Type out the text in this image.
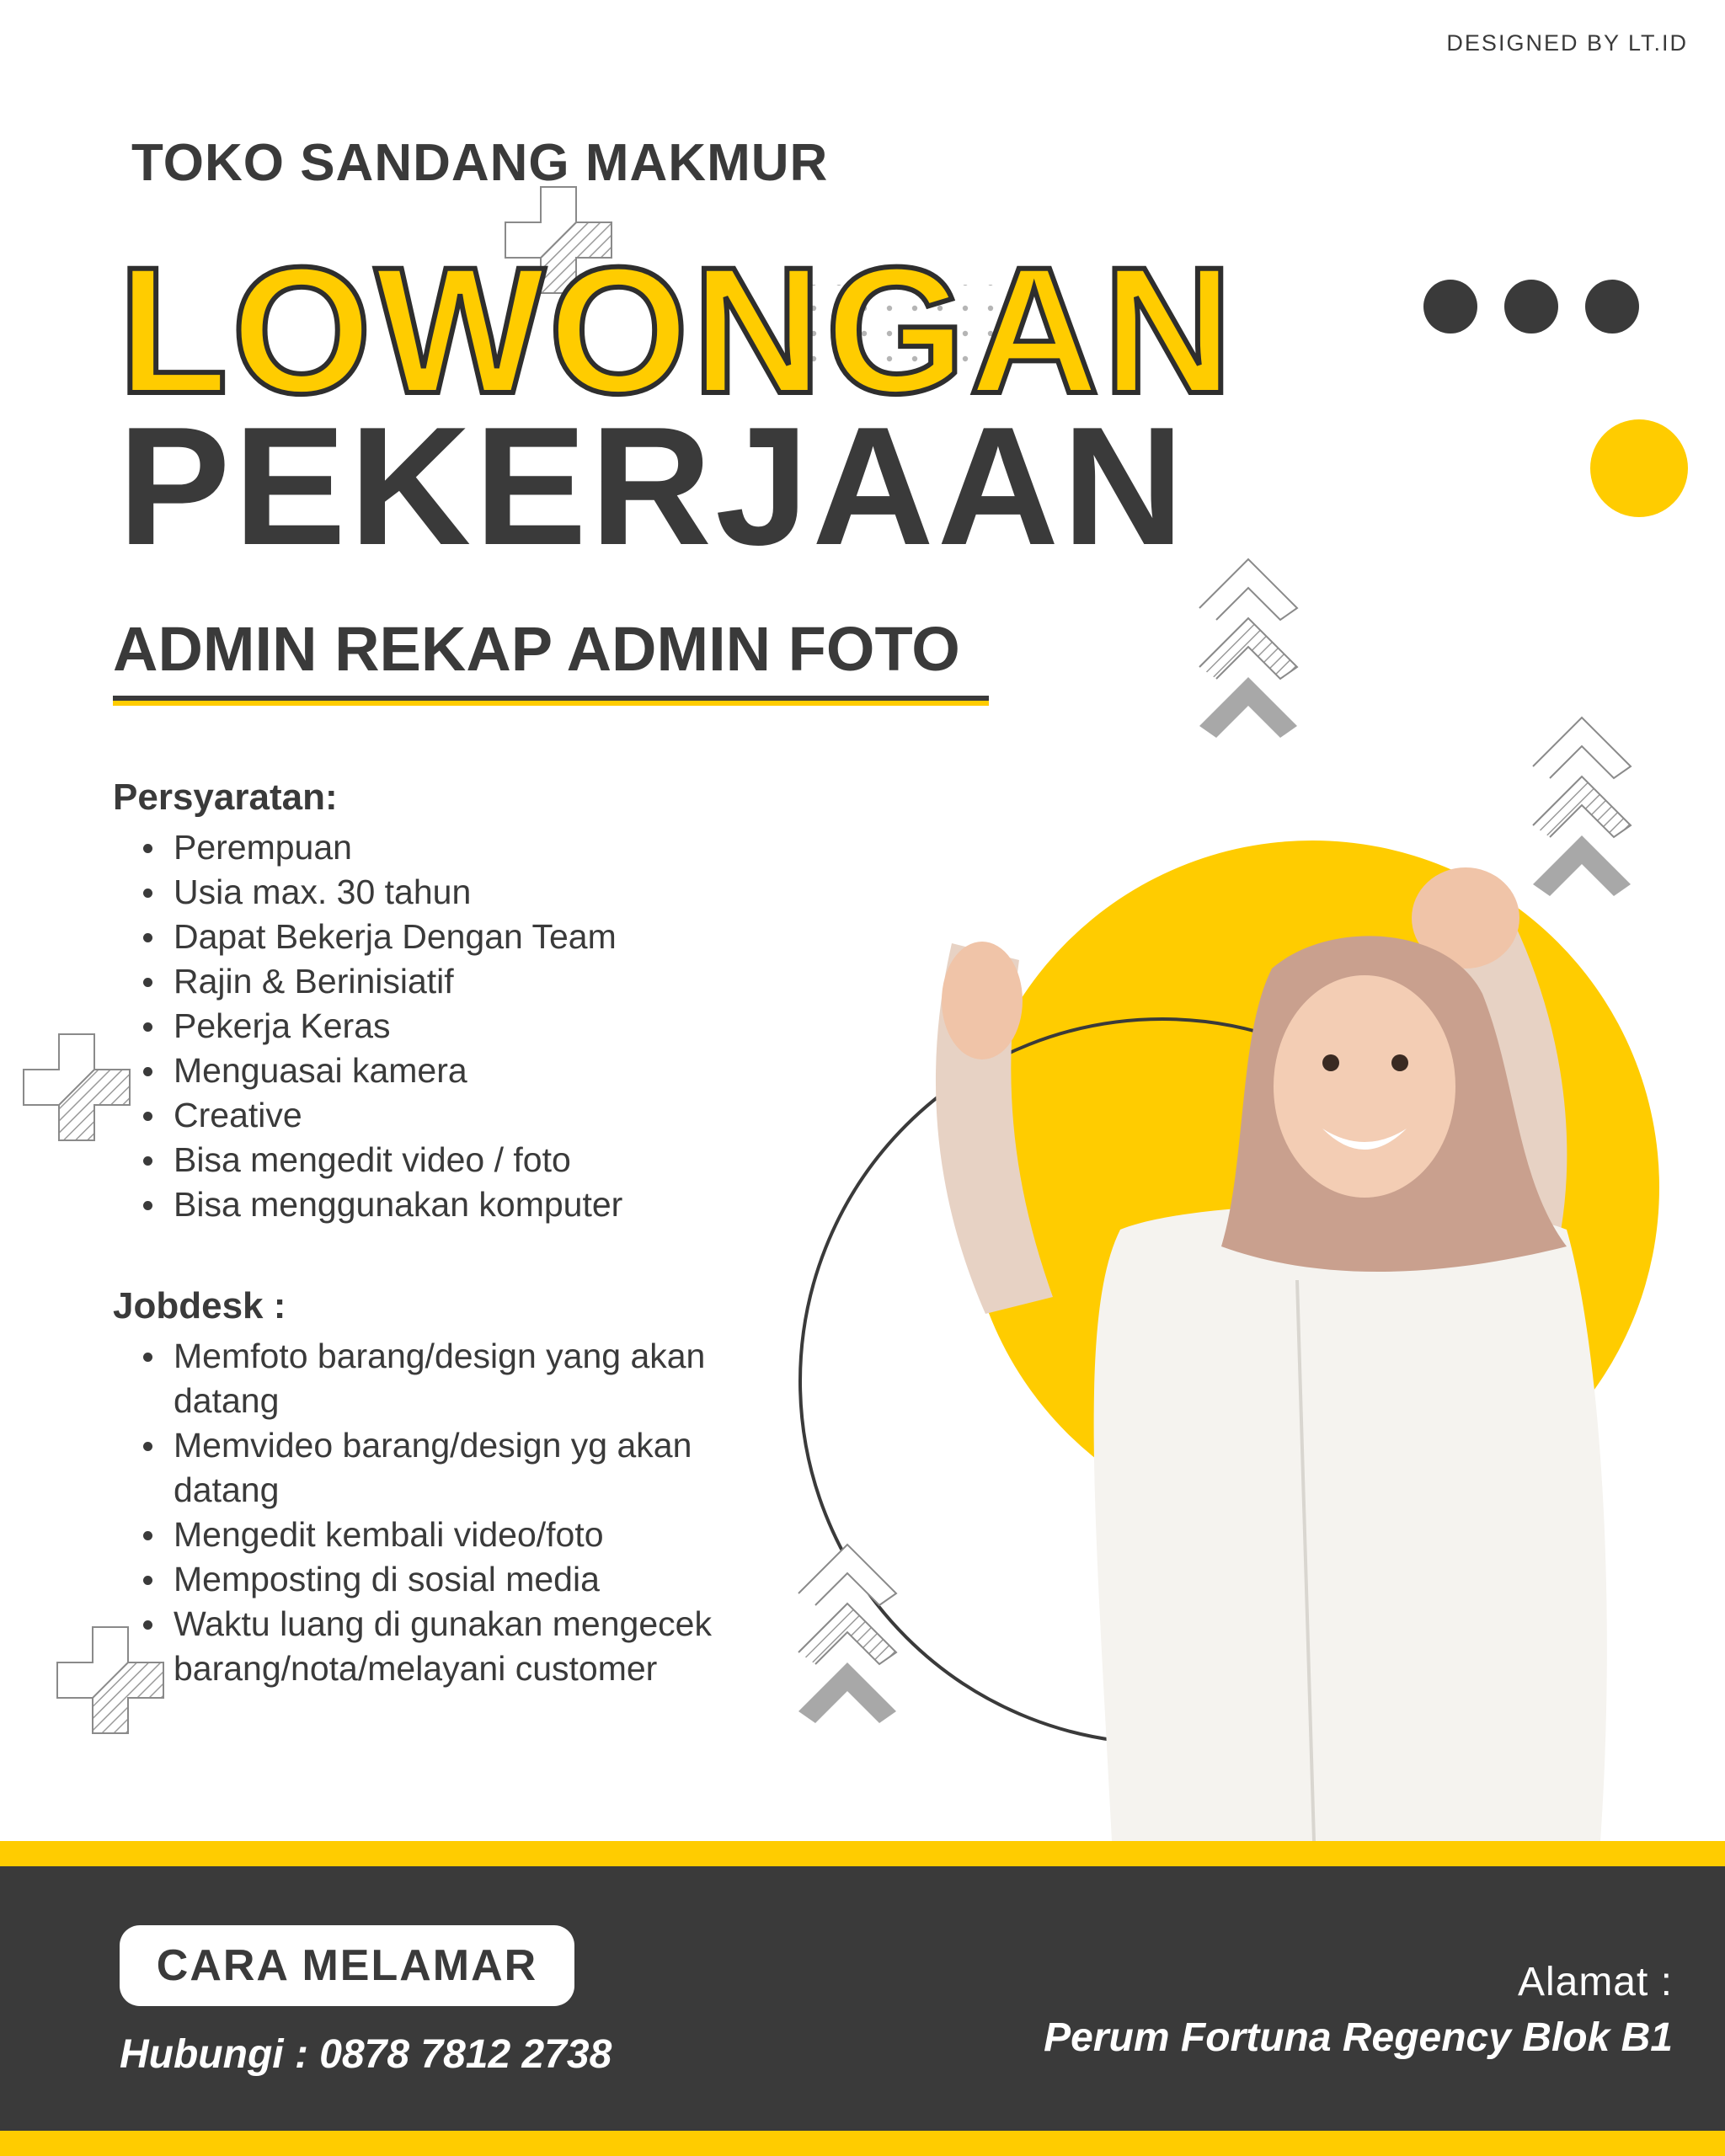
DESIGNED BY LT.ID
TOKO SANDANG MAKMUR
LOWONGAN
PEKERJAAN
ADMIN REKAP ADMIN FOTO
Persyaratan:
Perempuan
Usia max. 30 tahun
Dapat Bekerja Dengan Team
Rajin & Berinisiatif
Pekerja Keras
Menguasai kamera
Creative
Bisa mengedit video / foto
Bisa menggunakan komputer
Jobdesk :
Memfoto barang/design yang akan datang
Memvideo barang/design yg akan datang
Mengedit kembali video/foto
Memposting di sosial media
Waktu luang di gunakan mengecek barang/nota/melayani customer
CARA MELAMAR
Hubungi : 0878 7812 2738
Alamat :
Perum Fortuna Regency Blok B1
